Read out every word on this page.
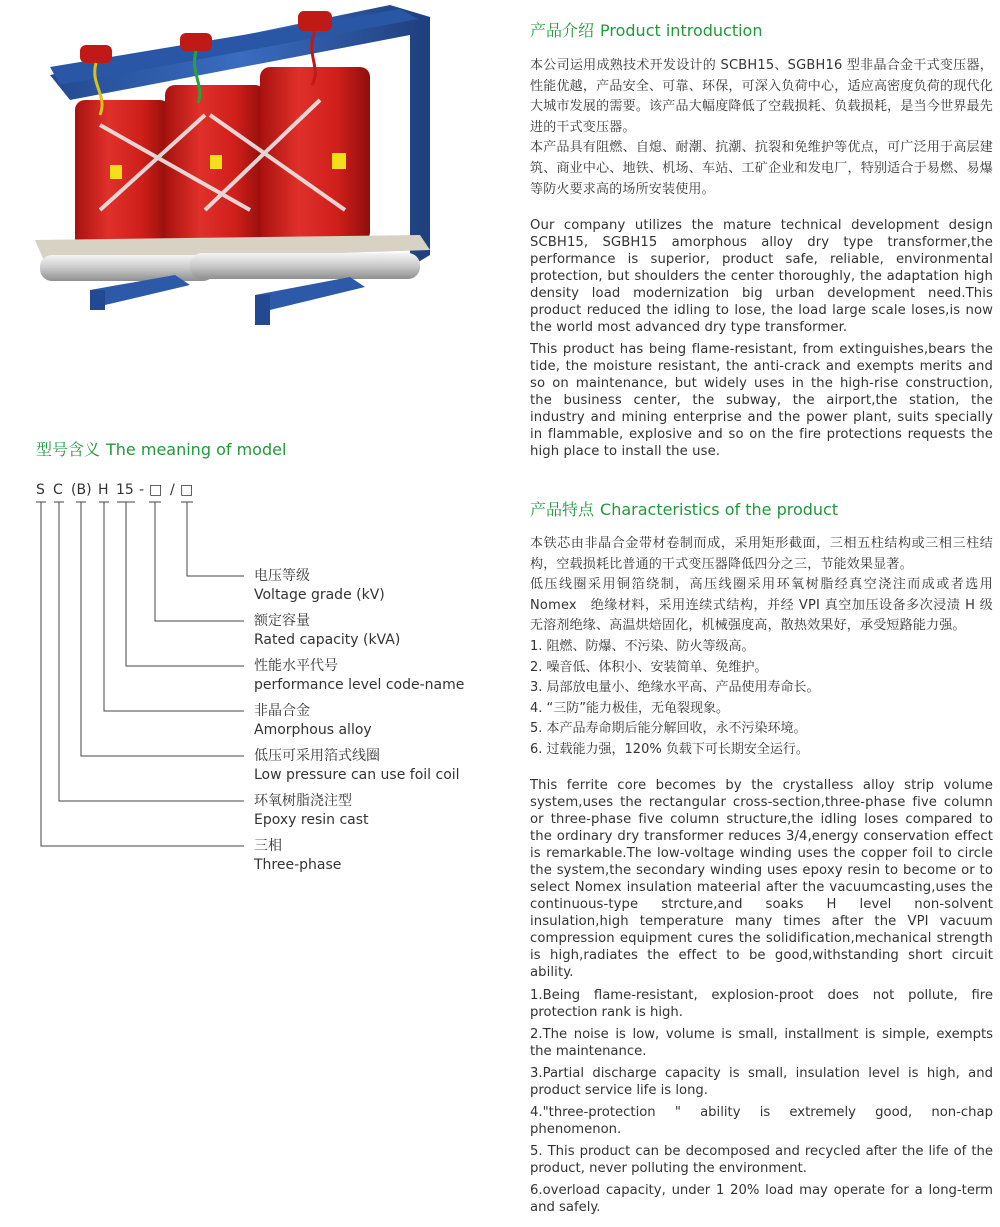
型号含义 The meaning of model
S C (B) H 15 - □ / □
电压等级
Voltage grade (kV)
额定容量
Rated capacity (kVA)
性能水平代号
performance level code-name
非晶合金
Amorphous alloy
低压可采用箔式线圈
Low pressure can use foil coil
环氧树脂浇注型
Epoxy resin cast
三相
Three-phase
产品介绍 Product introduction

本公司运用成熟技术开发设计的 SCBH15、SGBH16 型非晶合金干式变压器，性能优越，产品安全、可靠、环保，可深入负荷中心，适应高密度负荷的现代化大城市发展的需要。该产品大幅度降低了空载损耗、负载损耗，是当今世界最先进的干式变压器。

本产品具有阻燃、自熄、耐潮、抗潮、抗裂和免维护等优点，可广泛用于高层建筑、商业中心、地铁、机场、车站、工矿企业和发电厂，特别适合于易燃、易爆等防火要求高的场所安装使用。

Our company utilizes the mature technical development design SCBH15, SGBH15 amorphous alloy dry type transformer,the performance is superior, product safe, reliable, environmental protection, but shoulders the center thoroughly, the adaptation high density load modernization big urban development need.This product reduced the idling to lose, the load large scale loses,is now the world most advanced dry type transformer.

This product has being flame-resistant, from extinguishes,bears the tide, the moisture resistant, the anti-crack and exempts merits and so on maintenance, but widely uses in the high-rise construction, the business center, the subway, the airport,the station, the industry and mining enterprise and the power plant, suits specially in flammable, explosive and so on the fire protections requests the high place to install the use.

产品特点 Characteristics of the product

本铁芯由非晶合金带材卷制而成，采用矩形截面，三相五柱结构或三相三柱结构，空载损耗比普通的干式变压器降低四分之三，节能效果显著。

低压线圈采用铜箔绕制，高压线圈采用环氧树脂经真空浇注而成或者选用 Nomex　绝缘材料，采用连续式结构，并经 VPI 真空加压设备多次浸渍 H 级无溶剂绝缘、高温烘焙固化，机械强度高，散热效果好，承受短路能力强。

1. 阻燃、防爆、不污染、防火等级高。
2. 噪音低、体积小、安装简单、免维护。
3. 局部放电量小、绝缘水平高、产品使用寿命长。
4. “三防”能力极佳，无龟裂现象。
5. 本产品寿命期后能分解回收，永不污染环境。
6. 过载能力强，120% 负载下可长期安全运行。

This ferrite core becomes by the crystalless alloy strip volume system,uses the rectangular cross-section,three-phase five column or three-phase five column structure,the idling loses compared to the ordinary dry transformer reduces 3/4,energy conservation effect is remarkable.The low-voltage winding uses the copper foil to circle the system,the secondary winding uses epoxy resin to become or to select Nomex insulation mateerial after the vacuumcasting,uses the continuous-type strcture,and soaks H level non-solvent insulation,high temperature many times after the VPI vacuum compression equipment cures the solidification,mechanical strength is high,radiates the effect to be good,withstanding short circuit ability.

1.Being flame-resistant, explosion-proot does not pollute, fire protection rank is high.
2.The noise is low, volume is small, installment is simple, exempts the maintenance.
3.Partial discharge capacity is small, insulation level is high, and product service life is long.
4."three-protection " ability is extremely good, non-chap phenomenon.
5. This product can be decomposed and recycled after the life of the product, never polluting the environment.
6.overload capacity, under 1 20% load may operate for a long-term and safely.
